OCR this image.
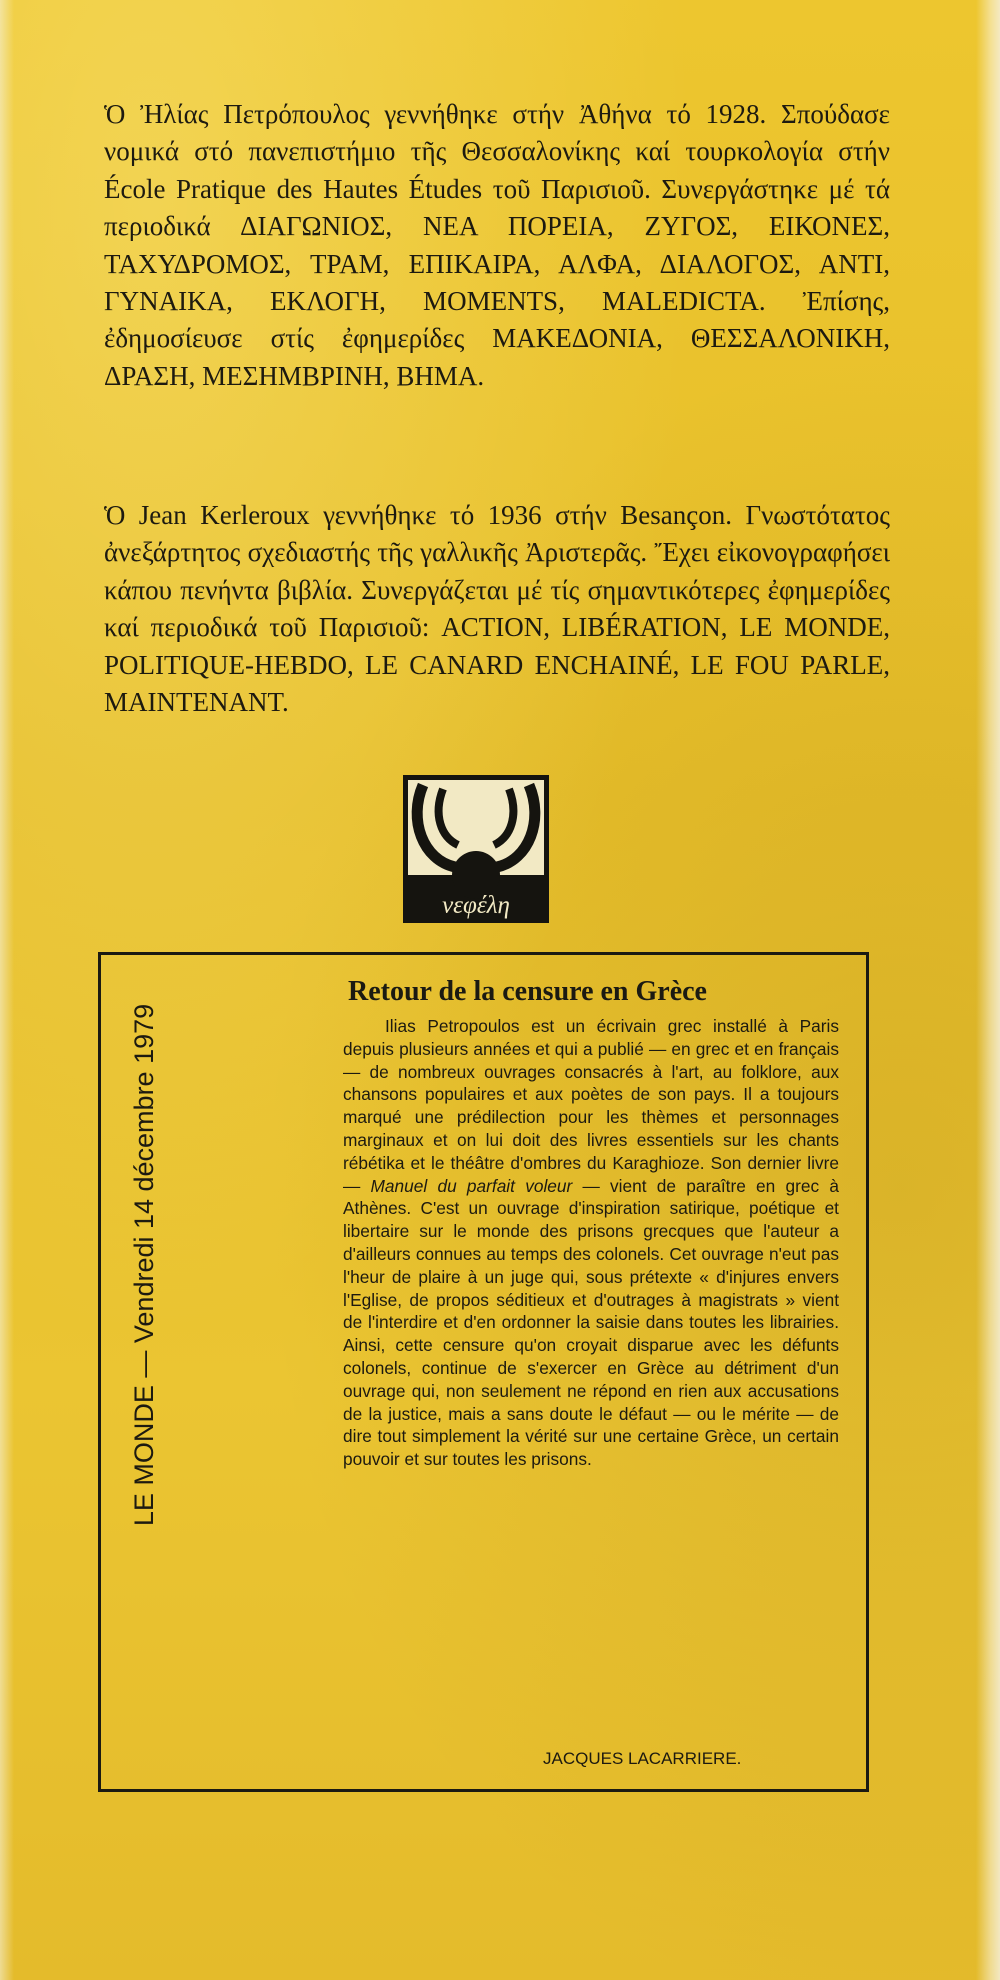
Ὁ Ἠλίας Πετρόπουλος γεννήθηκε στήν Ἀθήνα τό 1928. Σπούδασε νομικά στό πανεπιστήμιο τῆς Θεσσαλονίκης καί τουρκολογία στήν École Pratique des Hautes Études τοῦ Παρισιοῦ. Συνεργάστηκε μέ τά περιοδικά ΔΙΑΓΩΝΙΟΣ, ΝΕΑ ΠΟΡΕΙΑ, ΖΥΓΟΣ, ΕΙΚΟΝΕΣ, ΤΑΧΥΔΡΟΜΟΣ, ΤΡΑΜ, ΕΠΙΚΑΙΡΑ, ΑΛΦΑ, ΔΙΑΛΟΓΟΣ, ΑΝΤΙ, ΓΥΝΑΙΚΑ, ΕΚΛΟΓΗ, MOMENTS, MALEDICTA. Ἐπίσης, ἐδημοσίευσε στίς ἐφημερίδες ΜΑΚΕΔΟΝΙΑ, ΘΕΣΣΑΛΟΝΙΚΗ, ΔΡΑΣΗ, ΜΕΣΗΜΒΡΙΝΗ, ΒΗΜΑ.

Ὁ Jean Kerleroux γεννήθηκε τό 1936 στήν Besançon. Γνωστότατος ἀνεξάρτητος σχεδιαστής τῆς γαλλικῆς Ἀριστερᾶς. Ἔχει εἰκονογραφήσει κάπου πενήντα βιβλία. Συνεργάζεται μέ τίς σημαντικότερες ἐφημερίδες καί περιοδικά τοῦ Παρισιοῦ: ACTION, LIBÉRATION, LE MONDE, POLITIQUE-HEBDO, LE CANARD ENCHAINÉ, LE FOU PARLE, MAINTENANT.

νεφέλη

LE MONDE — Vendredi 14 décembre 1979

Retour de la censure en Grèce

Ilias Petropoulos est un écrivain grec installé à Paris depuis plusieurs années et qui a publié — en grec et en français — de nombreux ouvrages consacrés à l'art, au folklore, aux chansons populaires et aux poètes de son pays. Il a toujours marqué une prédilection pour les thèmes et personnages marginaux et on lui doit des livres essentiels sur les chants rébétika et le théâtre d'ombres du Karaghioze. Son dernier livre — Manuel du parfait voleur — vient de paraître en grec à Athènes. C'est un ouvrage d'inspiration satirique, poétique et libertaire sur le monde des prisons grecques que l'auteur a d'ailleurs connues au temps des colonels. Cet ouvrage n'eut pas l'heur de plaire à un juge qui, sous prétexte « d'injures envers l'Eglise, de propos séditieux et d'outrages à magistrats » vient de l'interdire et d'en ordonner la saisie dans toutes les librairies. Ainsi, cette censure qu'on croyait disparue avec les défunts colonels, continue de s'exercer en Grèce au détriment d'un ouvrage qui, non seulement ne répond en rien aux accusations de la justice, mais a sans doute le défaut — ou le mérite — de dire tout simplement la vérité sur une certaine Grèce, un certain pouvoir et sur toutes les prisons.

JACQUES LACARRIERE.
